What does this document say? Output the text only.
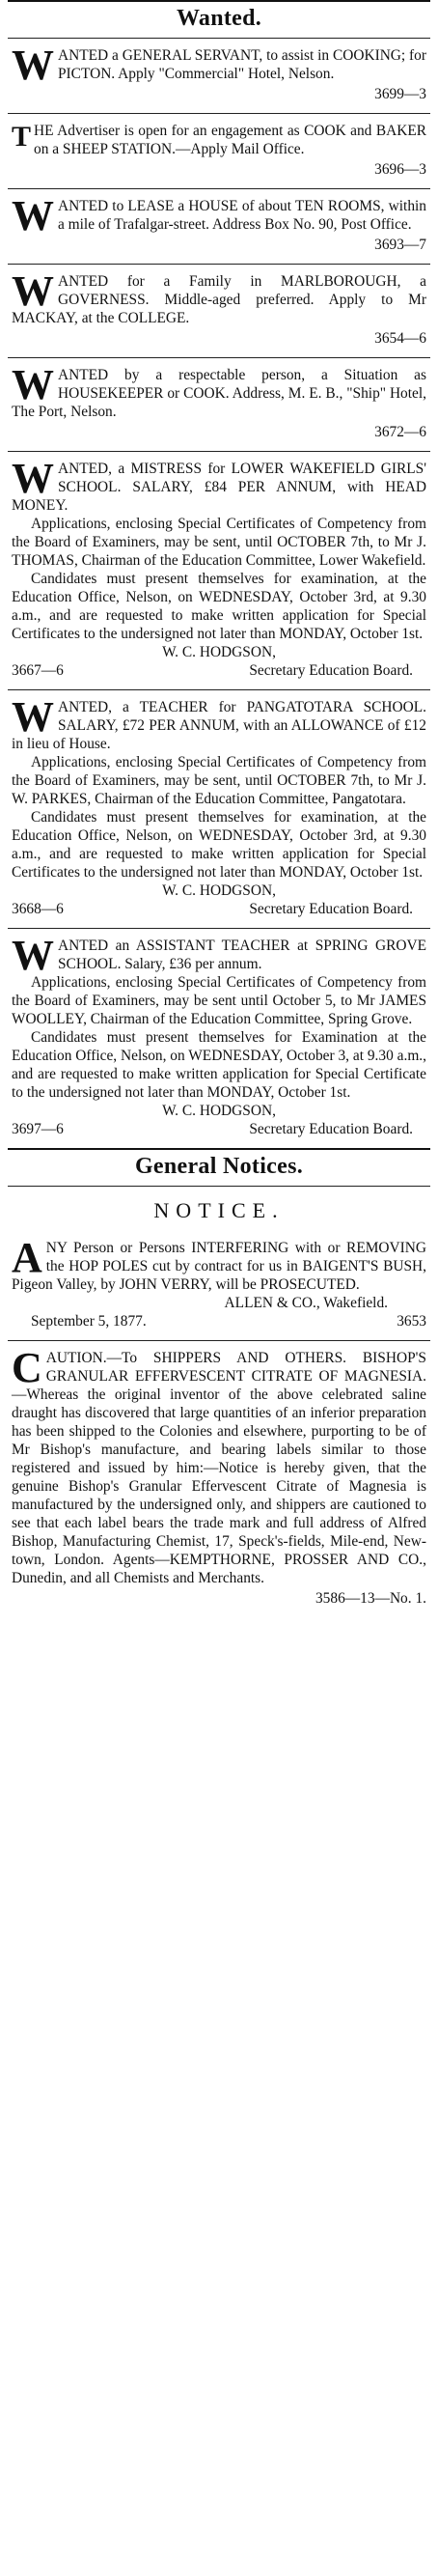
Wanted.
W ANTED a GENERAL SERVANT, to assist in COOKING; for PICTON. Apply "Commercial" Hotel, Nelson.

3699—3
T HE Advertiser is open for an engagement as COOK and BAKER on a SHEEP STATION.—Apply Mail Office.

3696—3
W ANTED to LEASE a HOUSE of about TEN ROOMS, within a mile of Trafalgar-street. Address Box No. 90, Post Office.

3693—7
W ANTED for a Family in MARLBOROUGH, a GOVERNESS. Middle-aged preferred. Apply to Mr MACKAY, at the COLLEGE.

3654—6
W ANTED by a respectable person, a Situation as HOUSEKEEPER or COOK. Address, M. E. B., "Ship" Hotel, The Port, Nelson.

3672—6
W ANTED, a MISTRESS for LOWER WAKEFIELD GIRLS' SCHOOL. SALARY, £84 PER ANNUM, with HEAD MONEY.

Applications, enclosing Special Certificates of Competency from the Board of Examiners, may be sent, until OCTOBER 7th, to Mr J. THOMAS, Chairman of the Education Committee, Lower Wakefield.

Candidates must present themselves for examination, at the Education Office, Nelson, on WEDNESDAY, October 3rd, at 9.30 a.m., and are requested to make written application for Special Certificates to the undersigned not later than MONDAY, October 1st.

W. C. HODGSON,
3667—6	Secretary Education Board.
W ANTED, a TEACHER for PANGATOTARA SCHOOL. SALARY, £72 PER ANNUM, with an ALLOWANCE of £12 in lieu of House.

Applications, enclosing Special Certificates of Competency from the Board of Examiners, may be sent, until OCTOBER 7th, to Mr J. W. PARKES, Chairman of the Education Committee, Pangatotara.

Candidates must present themselves for examination, at the Education Office, Nelson, on WEDNESDAY, October 3rd, at 9.30 a.m., and are requested to make written application for Special Certificates to the undersigned not later than MONDAY, October 1st.

W. C. HODGSON,
3668—6	Secretary Education Board.
W ANTED an ASSISTANT TEACHER at SPRING GROVE SCHOOL. Salary, £36 per annum.

Applications, enclosing Special Certificates of Competency from the Board of Examiners, may be sent until October 5, to Mr JAMES WOOLLEY, Chairman of the Education Committee, Spring Grove.

Candidates must present themselves for Examination at the Education Office, Nelson, on WEDNESDAY, October 3, at 9.30 a.m., and are requested to make written application for Special Certificate to the undersigned not later than MONDAY, October 1st.

W. C. HODGSON,
3697—6	Secretary Education Board.
General Notices.
NOTICE.
A NY Person or Persons INTERFERING with or REMOVING the HOP POLES cut by contract for us in BAIGENT'S BUSH, Pigeon Valley, by JOHN VERRY, will be PROSECUTED.

ALLEN & CO., Wakefield.
September 5, 1877.	3653
C AUTION.—To SHIPPERS AND OTHERS. BISHOP'S GRANULAR EFFERVESCENT CITRATE OF MAGNESIA. —Whereas the original inventor of the above celebrated saline draught has discovered that large quantities of an inferior preparation has been shipped to the Colonies and elsewhere, purporting to be of Mr Bishop's manufacture, and bearing labels similar to those registered and issued by him:—Notice is hereby given, that the genuine Bishop's Granular Effervescent Citrate of Magnesia is manufactured by the undersigned only, and shippers are cautioned to see that each label bears the trade mark and full address of Alfred Bishop, Manufacturing Chemist, 17, Speck's-fields, Mile-end, New-town, London. Agents—KEMPTHORNE, PROSSER AND CO., Dunedin, and all Chemists and Merchants.

3586—13—No. 1.
